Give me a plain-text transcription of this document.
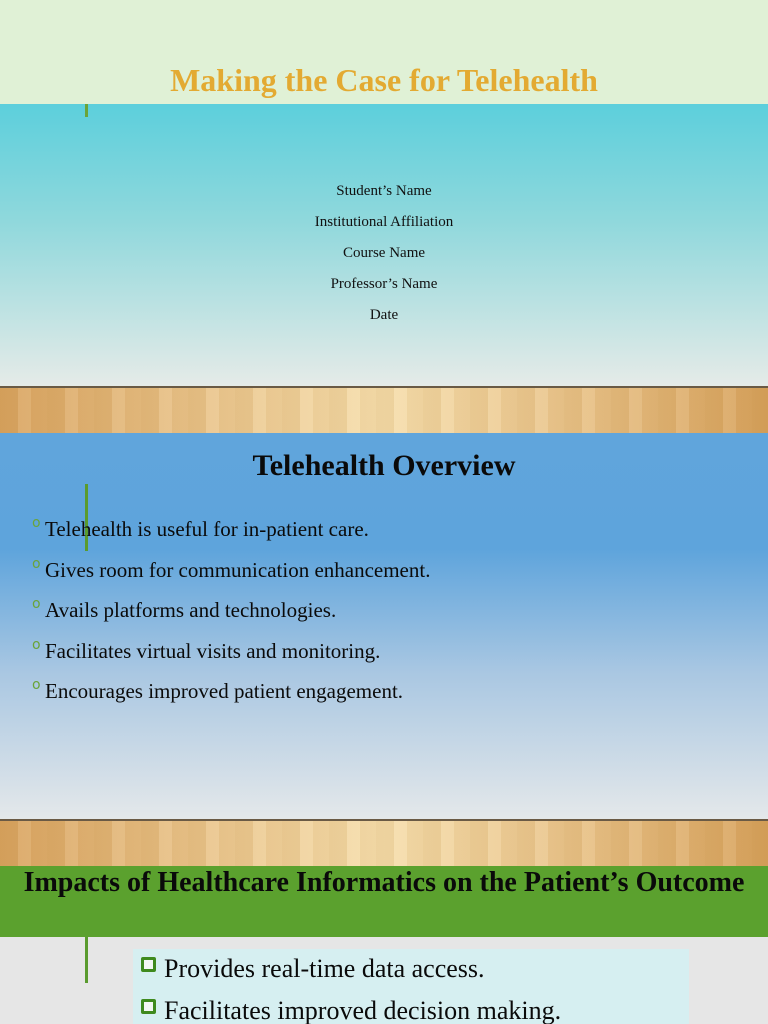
Making the Case for Telehealth
Student’s Name
Institutional Affiliation
Course Name
Professor’s Name
Date
Telehealth Overview
o Telehealth is useful for in-patient care.
o Gives room for communication enhancement.
o Avails platforms and technologies.
o Facilitates virtual visits and monitoring.
o Encourages improved patient engagement.
Impacts of Healthcare Informatics on the Patient’s Outcome
Provides real-time data access.
Facilitates improved decision making.
